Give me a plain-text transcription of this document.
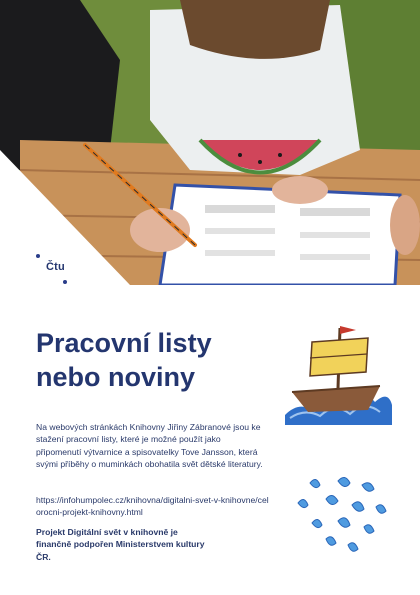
Čtu
Pracovní listy
nebo noviny

Na webových stránkách Knihovny Jiřiny Zábranové jsou ke stažení pracovní listy, které je možné použít jako připomenutí výtvarnice a spisovatelky Tove Jansson, která svými příběhy o muminkách obohatila svět dětské literatury.

https://infohumpolec.cz/knihovna/digitalni-svet-v-knihovne/celorocni-projekt-knihovny.html

Projekt Digitální svět v knihovně je finančně podpořen Ministerstvem kultury ČR.
